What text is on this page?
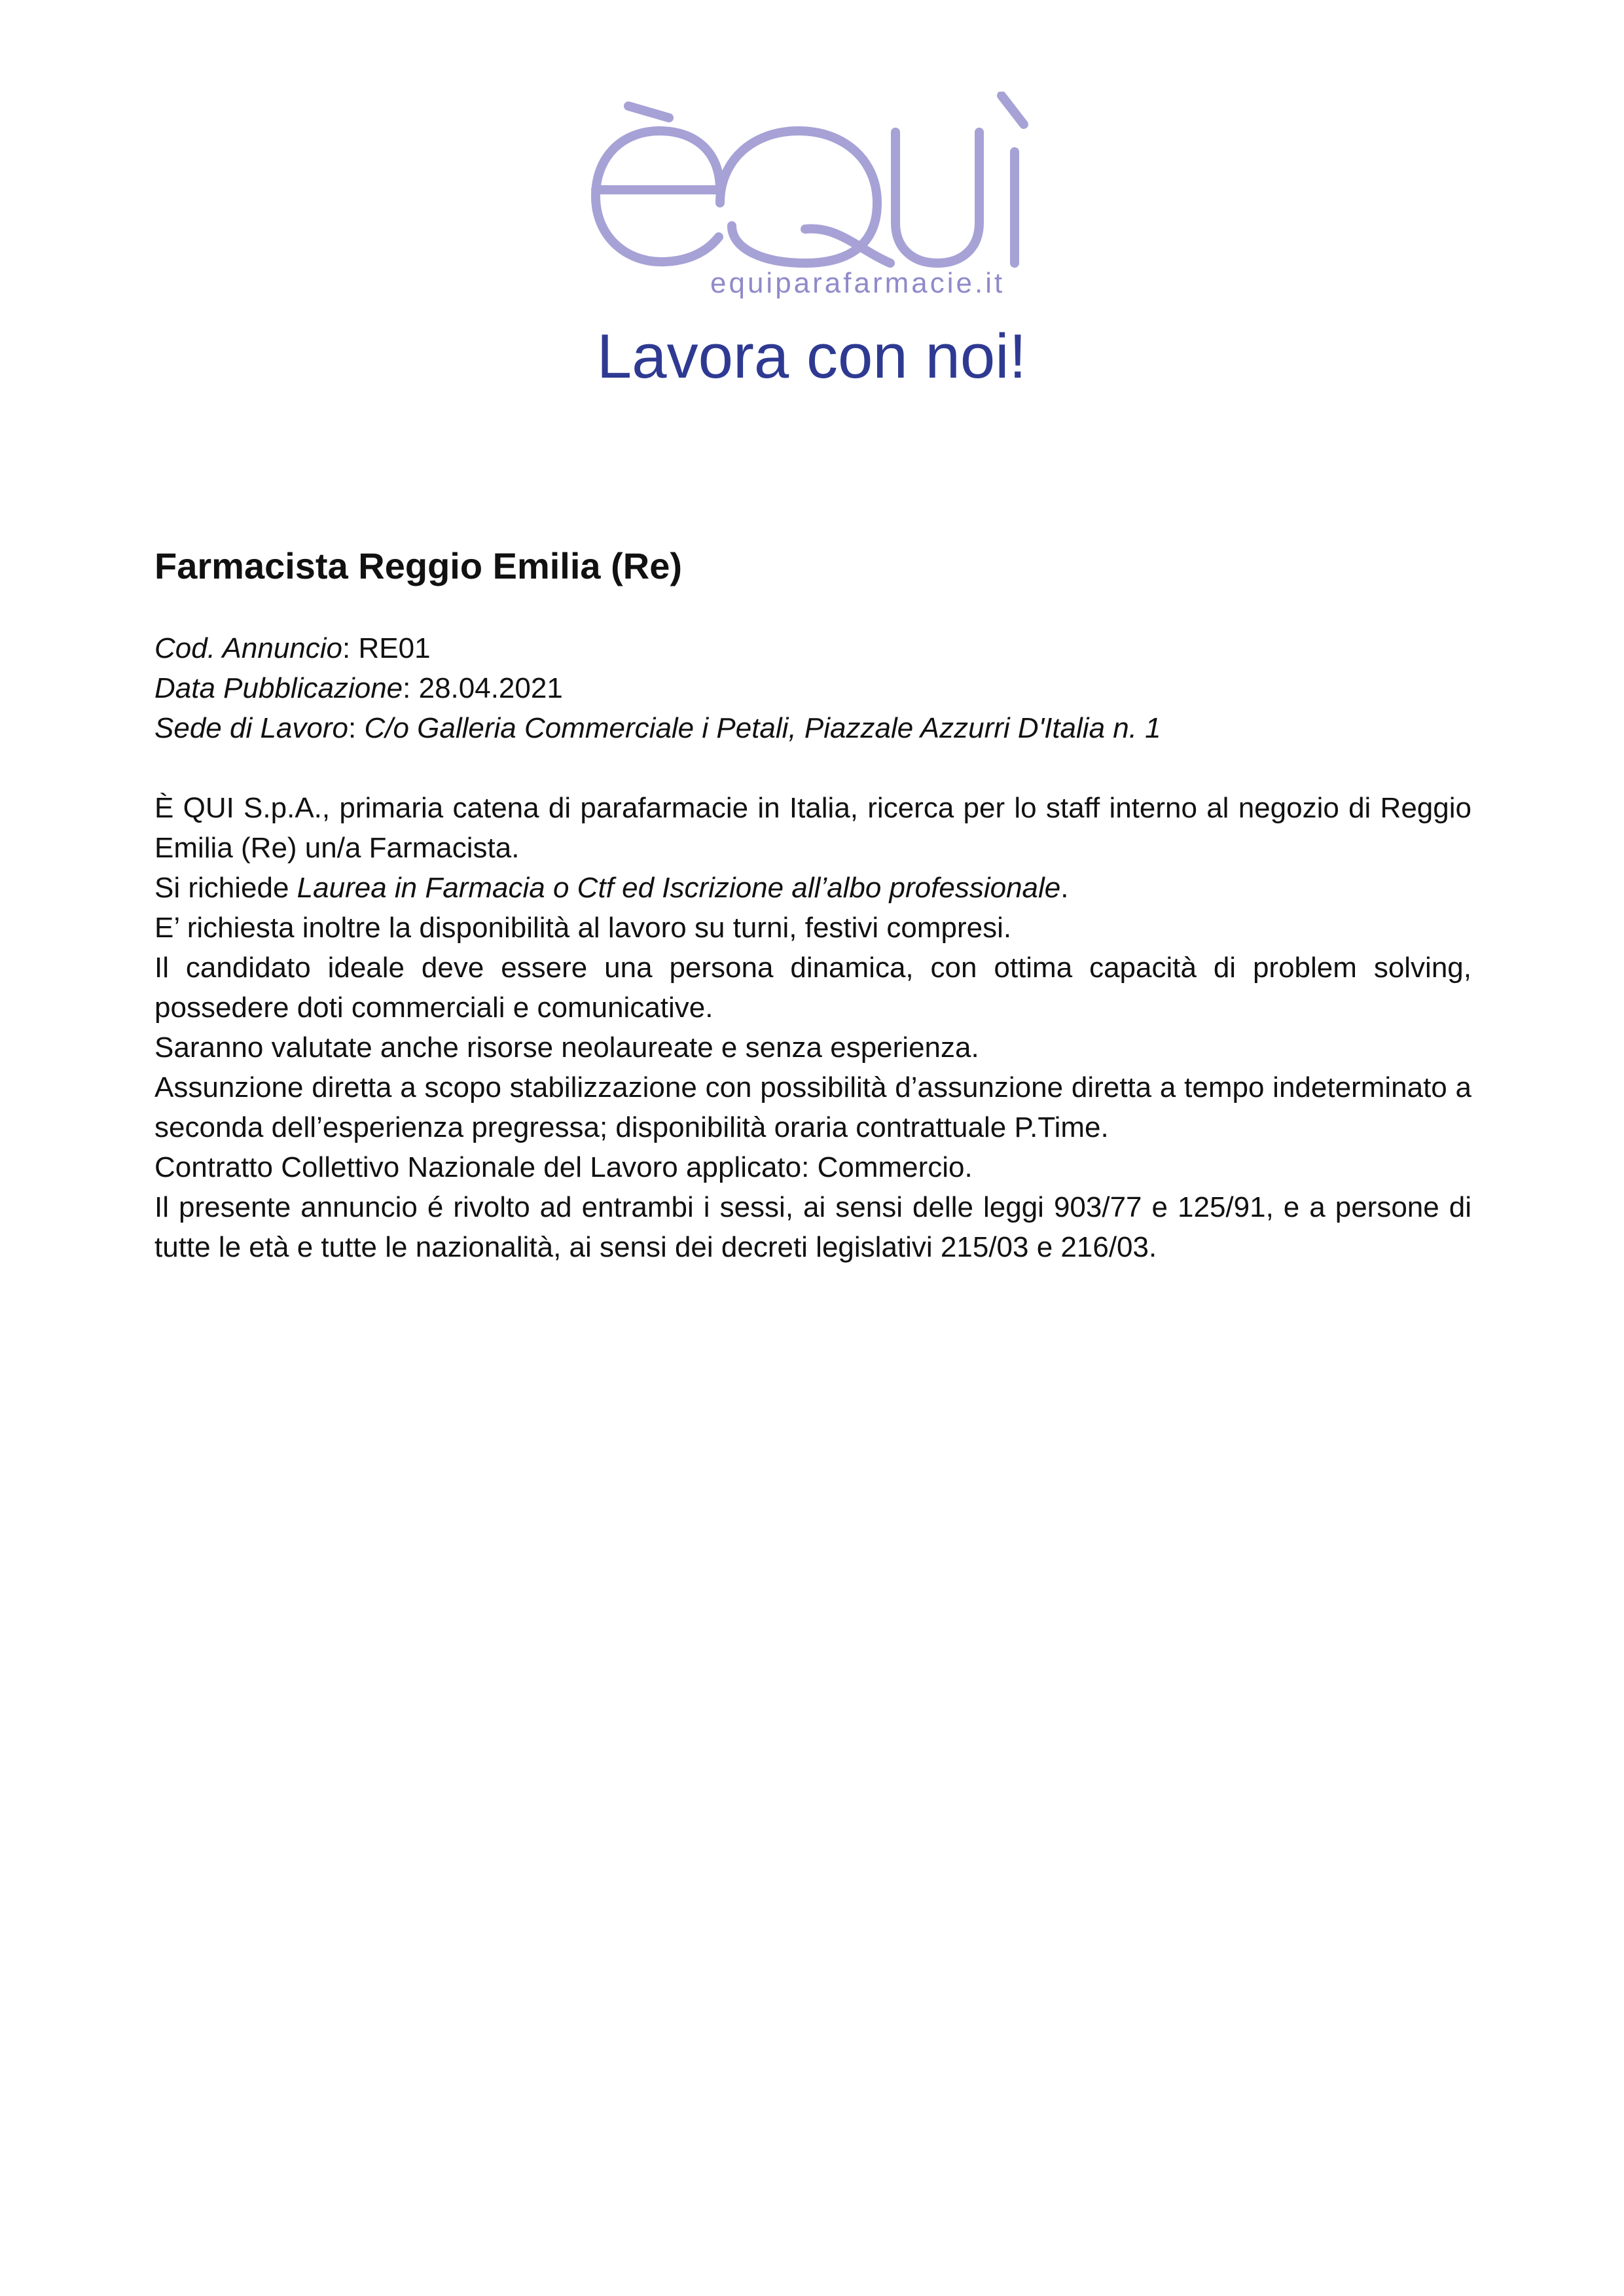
equiparafarmacie.it
Lavora con noi!
Farmacista Reggio Emilia (Re)

Cod. Annuncio: RE01

Data Pubblicazione: 28.04.2021

Sede di Lavoro: C/o Galleria Commerciale i Petali, Piazzale Azzurri D'Italia n. 1

È QUI S.p.A., primaria catena di parafarmacie in Italia, ricerca per lo staff interno al negozio di Reggio Emilia (Re) un/a Farmacista.

Si richiede Laurea in Farmacia o Ctf ed Iscrizione all’albo professionale.

E’ richiesta inoltre la disponibilità al lavoro su turni, festivi compresi.

Il candidato ideale deve essere una persona dinamica, con ottima capacità di problem solving, possedere doti commerciali e comunicative.

Saranno valutate anche risorse neolaureate e senza esperienza.

Assunzione diretta a scopo stabilizzazione con possibilità d’assunzione diretta a tempo indeterminato a seconda dell’esperienza pregressa; disponibilità oraria contrattuale P.Time.

Contratto Collettivo Nazionale del Lavoro applicato: Commercio.

Il presente annuncio é rivolto ad entrambi i sessi, ai sensi delle leggi 903/77 e 125/91, e a persone di tutte le età e tutte le nazionalità, ai sensi dei decreti legislativi 215/03 e 216/03.
